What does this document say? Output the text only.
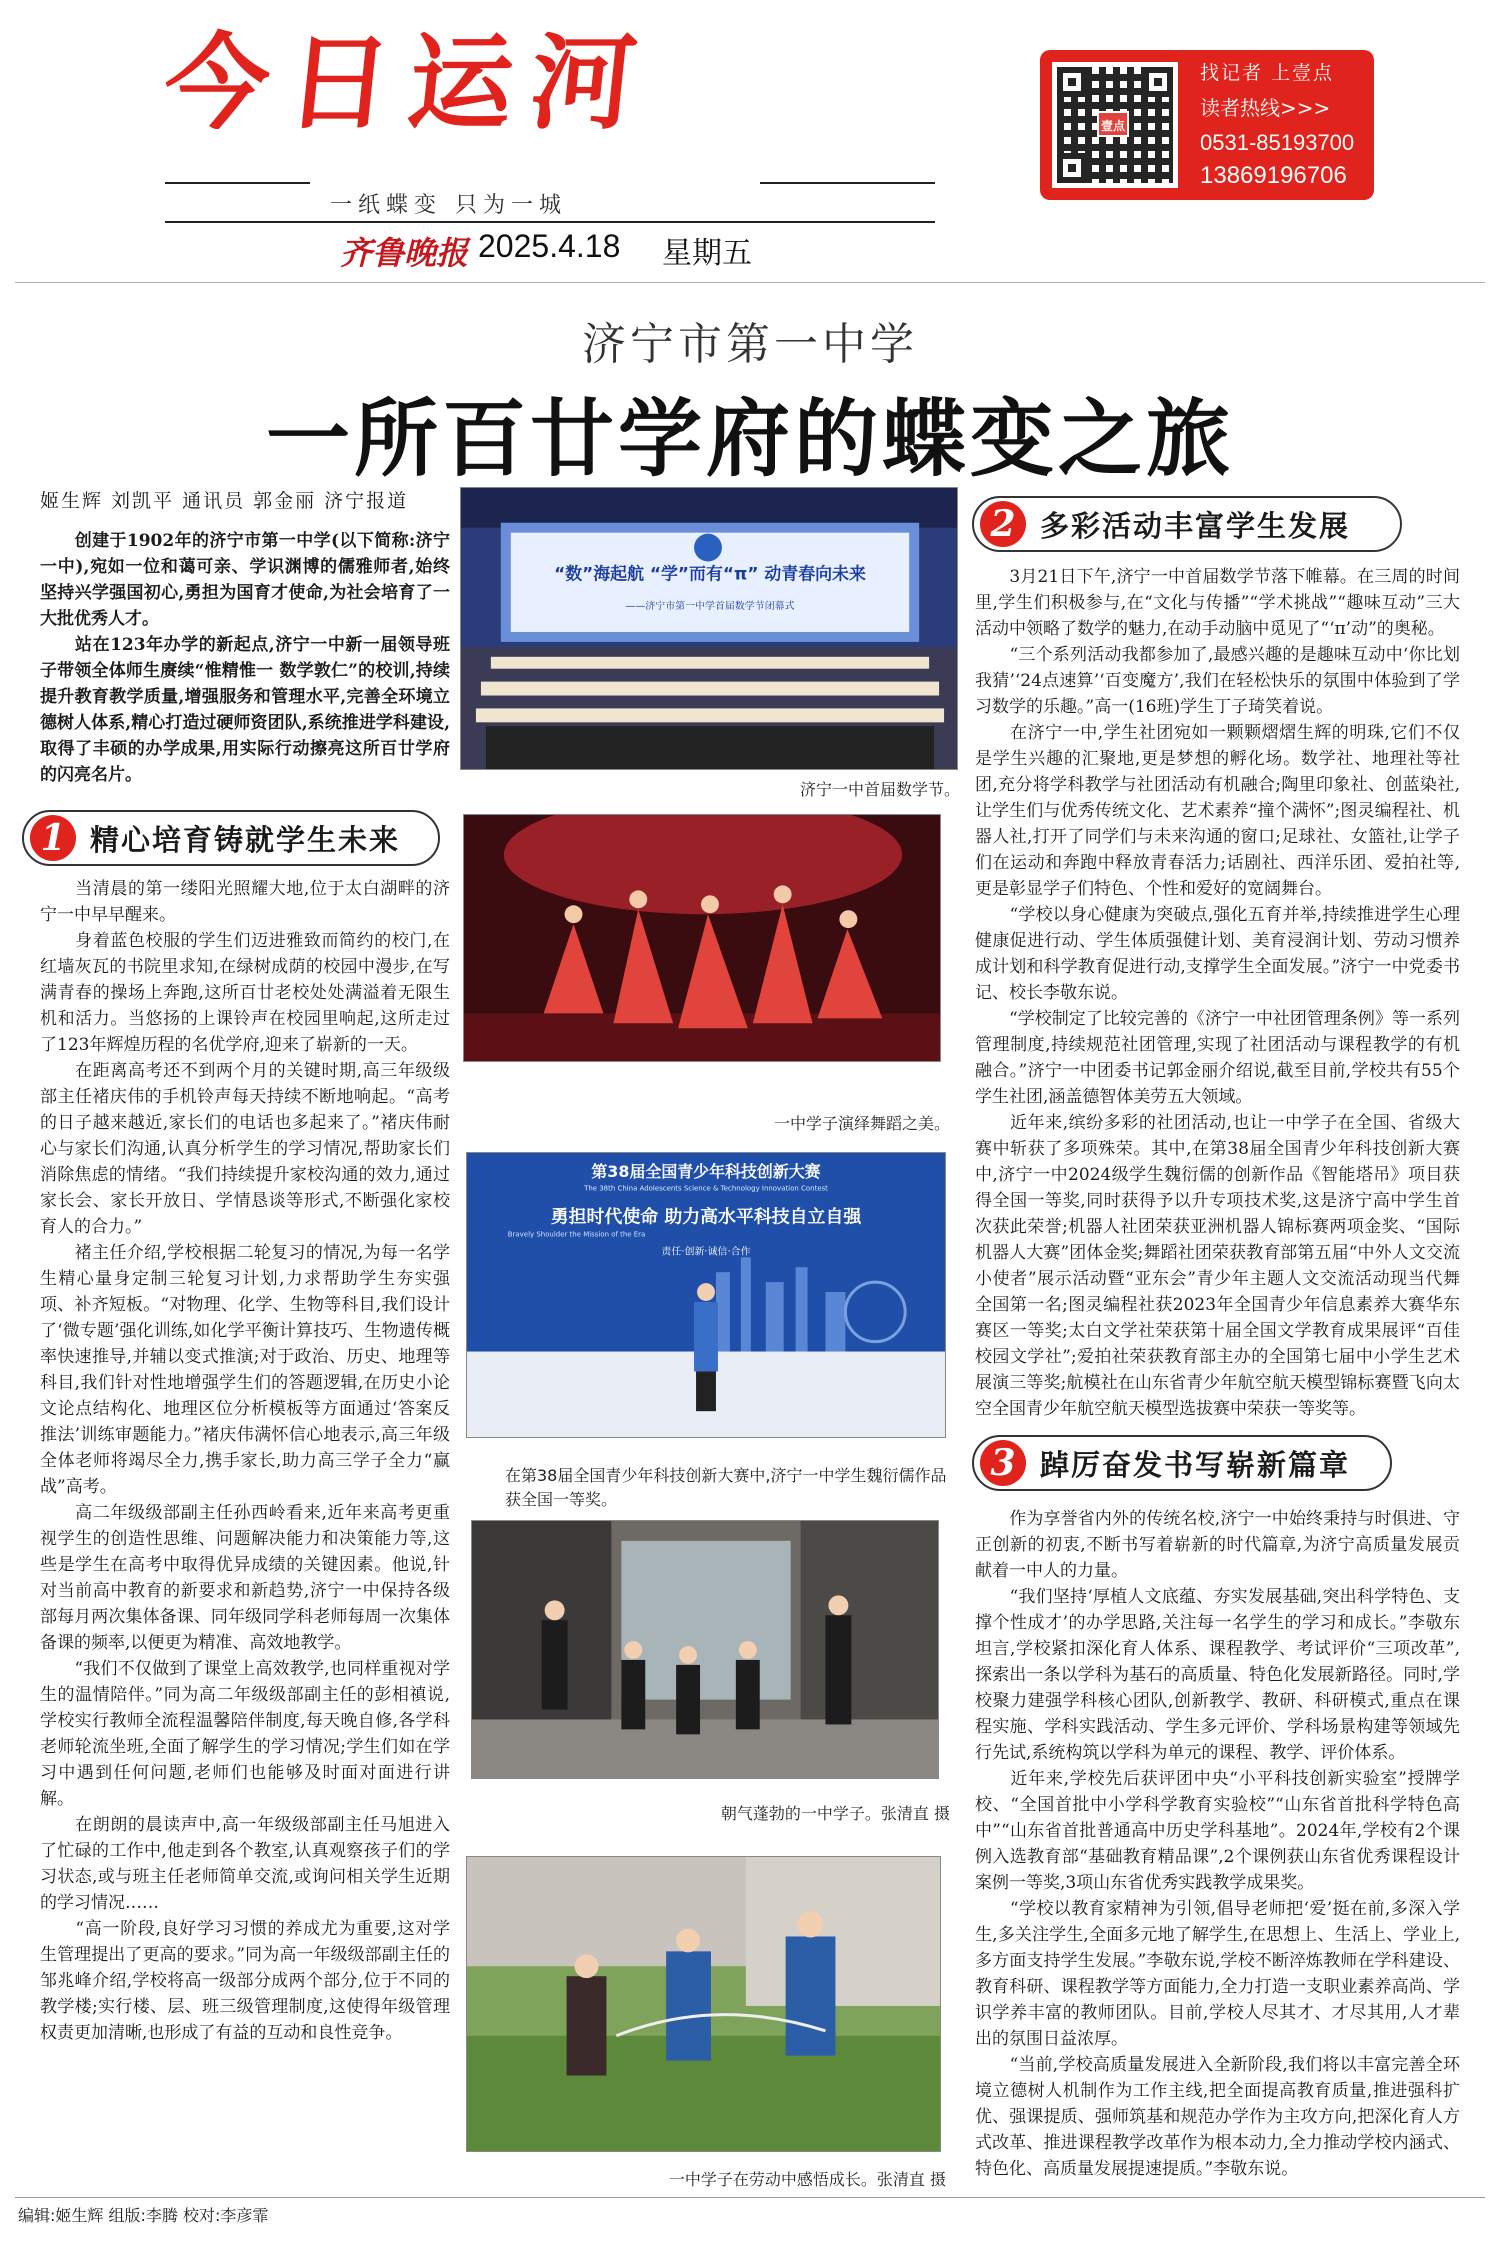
今日运河
一纸蝶变 只为一城
齐鲁晚报 2025.4.18 星期五
壹点
找记者 上壹点
读者热线>>>
0531-85193700
13869196706
济宁市第一中学
一所百廿学府的蝶变之旅
姬生辉 刘凯平 通讯员 郭金丽 济宁报道
　　创建于1902年的济宁市第一中学(以下简称:济宁一中),宛如一位和蔼可亲、学识渊博的儒雅师者,始终坚持兴学强国初心,勇担为国育才使命,为社会培育了一大批优秀人才。
　　站在123年办学的新起点,济宁一中新一届领导班子带领全体师生赓续“惟精惟一 数学敦仁”的校训,持续提升教育教学质量,增强服务和管理水平,完善全环境立德树人体系,精心打造过硬师资团队,系统推进学科建设,取得了丰硕的办学成果,用实际行动擦亮这所百廿学府的闪亮名片。
1 精心培育铸就学生未来
　　当清晨的第一缕阳光照耀大地,位于太白湖畔的济宁一中早早醒来。
　　身着蓝色校服的学生们迈进雅致而简约的校门,在红墙灰瓦的书院里求知,在绿树成荫的校园中漫步,在写满青春的操场上奔跑,这所百廿老校处处满溢着无限生机和活力。当悠扬的上课铃声在校园里响起,这所走过了123年辉煌历程的名优学府,迎来了崭新的一天。
　　在距离高考还不到两个月的关键时期,高三年级级部主任褚庆伟的手机铃声每天持续不断地响起。“高考的日子越来越近,家长们的电话也多起来了。”褚庆伟耐心与家长们沟通,认真分析学生的学习情况,帮助家长们消除焦虑的情绪。“我们持续提升家校沟通的效力,通过家长会、家长开放日、学情恳谈等形式,不断强化家校育人的合力。”
　　褚主任介绍,学校根据二轮复习的情况,为每一名学生精心量身定制三轮复习计划,力求帮助学生夯实强项、补齐短板。“对物理、化学、生物等科目,我们设计了‘微专题’强化训练,如化学平衡计算技巧、生物遗传概率快速推导,并辅以变式推演;对于政治、历史、地理等科目,我们针对性地增强学生们的答题逻辑,在历史小论文论点结构化、地理区位分析模板等方面通过‘答案反推法’训练审题能力。”褚庆伟满怀信心地表示,高三年级全体老师将竭尽全力,携手家长,助力高三学子全力“赢战”高考。
　　高二年级级部副主任孙西岭看来,近年来高考更重视学生的创造性思维、问题解决能力和决策能力等,这些是学生在高考中取得优异成绩的关键因素。他说,针对当前高中教育的新要求和新趋势,济宁一中保持各级部每月两次集体备课、同年级同学科老师每周一次集体备课的频率,以便更为精准、高效地教学。
　　“我们不仅做到了课堂上高效教学,也同样重视对学生的温情陪伴。”同为高二年级级部副主任的彭相禛说,学校实行教师全流程温馨陪伴制度,每天晚自修,各学科老师轮流坐班,全面了解学生的学习情况;学生们如在学习中遇到任何问题,老师们也能够及时面对面进行讲解。
　　在朗朗的晨读声中,高一年级级部副主任马旭进入了忙碌的工作中,他走到各个教室,认真观察孩子们的学习状态,或与班主任老师简单交流,或询问相关学生近期的学习情况……
　　“高一阶段,良好学习习惯的养成尤为重要,这对学生管理提出了更高的要求。”同为高一年级级部副主任的邹兆峰介绍,学校将高一级部分成两个部分,位于不同的教学楼;实行楼、层、班三级管理制度,这使得年级管理权责更加清晰,也形成了有益的互动和良性竞争。
“数”海起航 “学”而有“π” 动青春向未来
——济宁市第一中学首届数学节闭幕式
济宁一中首届数学节。
一中学子演绎舞蹈之美。
第38届全国青少年科技创新大赛
The 38th China Adolescents Science & Technology Innovation Contest
勇担时代使命 助力高水平科技自立自强
Bravely Shoulder the Mission of the Era
责任·创新·诚信·合作
在第38届全国青少年科技创新大赛中,济宁一中学生魏衍儒作品获全国一等奖。
朝气蓬勃的一中学子。张清直 摄
一中学子在劳动中感悟成长。张清直 摄
2 多彩活动丰富学生发展
　　3月21日下午,济宁一中首届数学节落下帷幕。在三周的时间里,学生们积极参与,在“文化与传播”“学术挑战”“趣味互动”三大活动中领略了数学的魅力,在动手动脑中觅见了“‘π’动”的奥秘。
　　“三个系列活动我都参加了,最感兴趣的是趣味互动中‘你比划我猜’‘24点速算’‘百变魔方’,我们在轻松快乐的氛围中体验到了学习数学的乐趣。”高一(16班)学生丁子琦笑着说。
　　在济宁一中,学生社团宛如一颗颗熠熠生辉的明珠,它们不仅是学生兴趣的汇聚地,更是梦想的孵化场。数学社、地理社等社团,充分将学科教学与社团活动有机融合;陶里印象社、创蓝染社,让学生们与优秀传统文化、艺术素养“撞个满怀”;图灵编程社、机器人社,打开了同学们与未来沟通的窗口;足球社、女篮社,让学子们在运动和奔跑中释放青春活力;话剧社、西洋乐团、爱拍社等,更是彰显学子们特色、个性和爱好的宽阔舞台。
　　“学校以身心健康为突破点,强化五育并举,持续推进学生心理健康促进行动、学生体质强健计划、美育浸润计划、劳动习惯养成计划和科学教育促进行动,支撑学生全面发展。”济宁一中党委书记、校长李敬东说。
　　“学校制定了比较完善的《济宁一中社团管理条例》等一系列管理制度,持续规范社团管理,实现了社团活动与课程教学的有机融合。”济宁一中团委书记郭金丽介绍说,截至目前,学校共有55个学生社团,涵盖德智体美劳五大领域。
　　近年来,缤纷多彩的社团活动,也让一中学子在全国、省级大赛中斩获了多项殊荣。其中,在第38届全国青少年科技创新大赛中,济宁一中2024级学生魏衍儒的创新作品《智能塔吊》项目获得全国一等奖,同时获得予以升专项技术奖,这是济宁高中学生首次获此荣誉;机器人社团荣获亚洲机器人锦标赛两项金奖、“国际机器人大赛”团体金奖;舞蹈社团荣获教育部第五届“中外人文交流小使者”展示活动暨“亚东会”青少年主题人文交流活动现当代舞全国第一名;图灵编程社获2023年全国青少年信息素养大赛华东赛区一等奖;太白文学社荣获第十届全国文学教育成果展评“百佳校园文学社”;爱拍社荣获教育部主办的全国第七届中小学生艺术展演三等奖;航模社在山东省青少年航空航天模型锦标赛暨飞向太空全国青少年航空航天模型选拔赛中荣获一等奖等。
3 踔厉奋发书写崭新篇章
　　作为享誉省内外的传统名校,济宁一中始终秉持与时俱进、守正创新的初衷,不断书写着崭新的时代篇章,为济宁高质量发展贡献着一中人的力量。
　　“我们坚持‘厚植人文底蕴、夯实发展基础,突出科学特色、支撑个性成才’的办学思路,关注每一名学生的学习和成长。”李敬东坦言,学校紧扣深化育人体系、课程教学、考试评价“三项改革”,探索出一条以学科为基石的高质量、特色化发展新路径。同时,学校聚力建强学科核心团队,创新教学、教研、科研模式,重点在课程实施、学科实践活动、学生多元评价、学科场景构建等领域先行先试,系统构筑以学科为单元的课程、教学、评价体系。
　　近年来,学校先后获评团中央“小平科技创新实验室”授牌学校、“全国首批中小学科学教育实验校”“山东省首批科学特色高中”“山东省首批普通高中历史学科基地”。2024年,学校有2个课例入选教育部“基础教育精品课”,2个课例获山东省优秀课程设计案例一等奖,3项山东省优秀实践教学成果奖。
　　“学校以教育家精神为引领,倡导老师把‘爱’挺在前,多深入学生,多关注学生,全面多元地了解学生,在思想上、生活上、学业上,多方面支持学生发展。”李敬东说,学校不断淬炼教师在学科建设、教育科研、课程教学等方面能力,全力打造一支职业素养高尚、学识学养丰富的教师团队。目前,学校人尽其才、才尽其用,人才辈出的氛围日益浓厚。
　　“当前,学校高质量发展进入全新阶段,我们将以丰富完善全环境立德树人机制作为工作主线,把全面提高教育质量,推进强科扩优、强课提质、强师筑基和规范办学作为主攻方向,把深化育人方式改革、推进课程教学改革作为根本动力,全力推动学校内涵式、特色化、高质量发展提速提质。”李敬东说。
编辑:姬生辉 组版:李腾 校对:李彦霏
